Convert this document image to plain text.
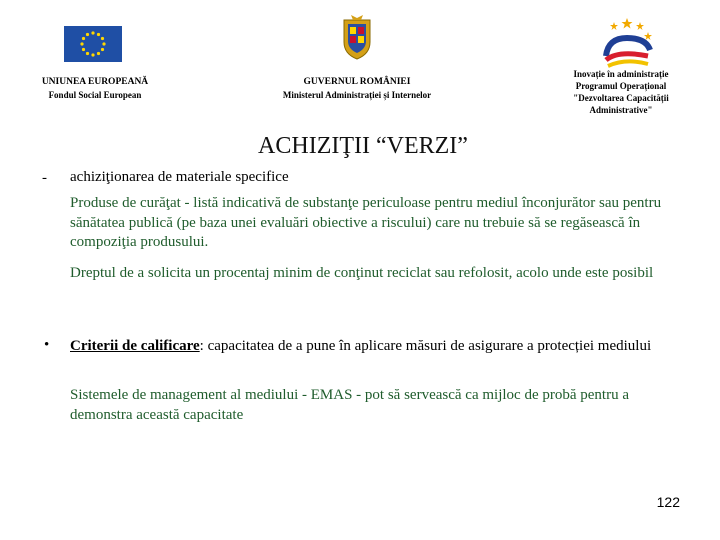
UNIUNEA EUROPEANĂ
Fondul Social European
GUVERNUL ROMÂNIEI
Ministerul Administrației și Internelor
Inovație în administrație
Programul Operațional
"Dezvoltarea Capacității
Administrative"
ACHIZIŢII “VERZI”
- achiziţionarea de materiale specifice
Produse de curăţat - listă indicativă de substanţe periculoase pentru mediul înconjurător sau pentru sănătatea publică (pe baza unei evaluări obiective a riscului) care nu trebuie să se regăsească în compoziţia produsului.
Dreptul de a solicita un procentaj minim de conţinut reciclat sau refolosit, acolo unde este posibil
• Criterii de calificare: capacitatea de a pune în aplicare măsuri de asigurare a protecției mediului
Sistemele de management al mediului - EMAS - pot să servească ca mijloc de probă pentru a demonstra această capacitate
122
